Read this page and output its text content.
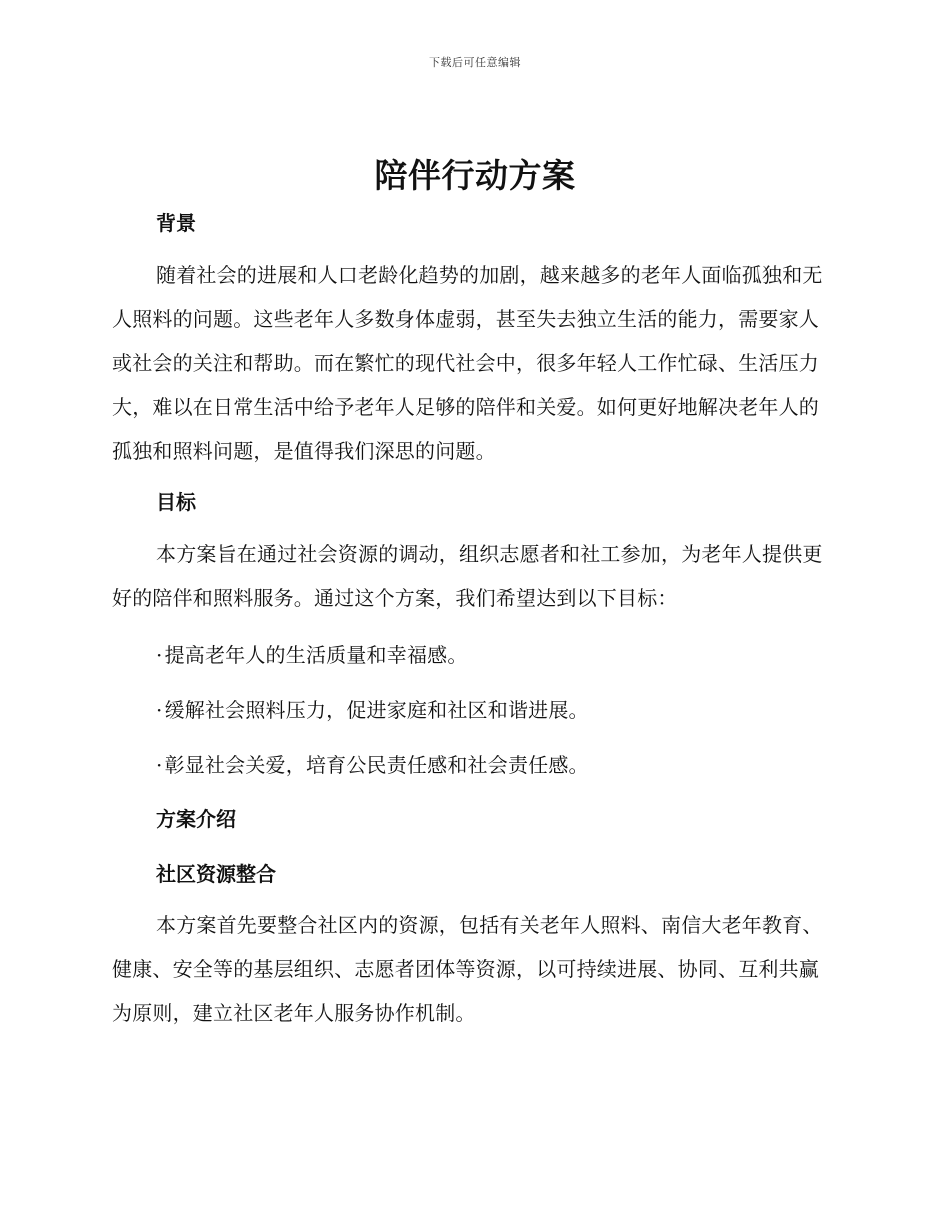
下载后可任意编辑
陪伴行动方案
背景

随着社会的进展和人口老龄化趋势的加剧，越来越多的老年人面临孤独和无人照料的问题。这些老年人多数身体虚弱，甚至失去独立生活的能力，需要家人或社会的关注和帮助。而在繁忙的现代社会中，很多年轻人工作忙碌、生活压力大，难以在日常生活中给予老年人足够的陪伴和关爱。如何更好地解决老年人的孤独和照料问题，是值得我们深思的问题。

目标

本方案旨在通过社会资源的调动，组织志愿者和社工参加，为老年人提供更好的陪伴和照料服务。通过这个方案，我们希望达到以下目标：

· 提高老年人的生活质量和幸福感。

· 缓解社会照料压力，促进家庭和社区和谐进展。

· 彰显社会关爱，培育公民责任感和社会责任感。

方案介绍
社区资源整合

本方案首先要整合社区内的资源，包括有关老年人照料、南信大老年教育、健康、安全等的基层组织、志愿者团体等资源，以可持续进展、协同、互利共赢为原则，建立社区老年人服务协作机制。
